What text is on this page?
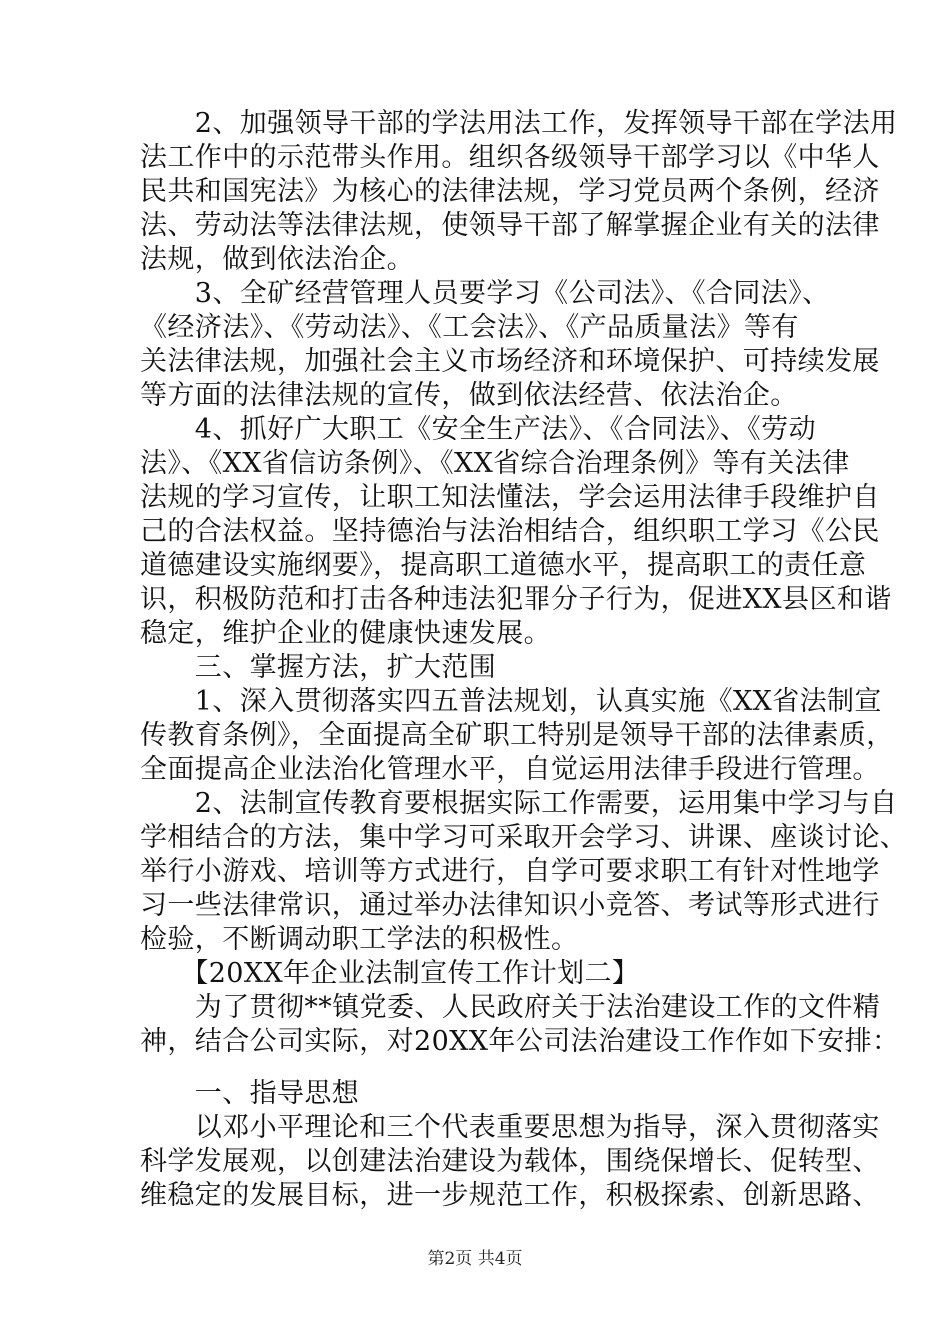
　　2、加强领导干部的学法用法工作，发挥领导干部在学法用
法工作中的示范带头作用。组织各级领导干部学习以《中华人
民共和国宪法》为核心的法律法规，学习党员两个条例，经济
法、劳动法等法律法规，使领导干部了解掌握企业有关的法律
法规，做到依法治企。
　　3、全矿经营管理人员要学习《公司法》、《合同法》、
《经济法》、《劳动法》、《工会法》、《产品质量法》等有
关法律法规，加强社会主义市场经济和环境保护、可持续发展
等方面的法律法规的宣传，做到依法经营、依法治企。
　　4、抓好广大职工《安全生产法》、《合同法》、《劳动
法》、《XX省信访条例》、《XX省综合治理条例》等有关法律
法规的学习宣传，让职工知法懂法，学会运用法律手段维护自
己的合法权益。坚持德治与法治相结合，组织职工学习《公民
道德建设实施纲要》，提高职工道德水平，提高职工的责任意
识，积极防范和打击各种违法犯罪分子行为，促进XX县区和谐
稳定，维护企业的健康快速发展。
　　三、掌握方法，扩大范围
　　1、深入贯彻落实四五普法规划，认真实施《XX省法制宣
传教育条例》，全面提高全矿职工特别是领导干部的法律素质，
全面提高企业法治化管理水平，自觉运用法律手段进行管理。
　　2、法制宣传教育要根据实际工作需要，运用集中学习与自
学相结合的方法，集中学习可采取开会学习、讲课、座谈讨论、
举行小游戏、培训等方式进行，自学可要求职工有针对性地学
习一些法律常识，通过举办法律知识小竞答、考试等形式进行
检验，不断调动职工学法的积极性。
　　【20XX年企业法制宣传工作计划二】
　　为了贯彻**镇党委、人民政府关于法治建设工作的文件精
神，结合公司实际，对20XX年公司法治建设工作作如下安排：
　　一、指导思想
　　以邓小平理论和三个代表重要思想为指导，深入贯彻落实
科学发展观，以创建法治建设为载体，围绕保增长、促转型、
维稳定的发展目标，进一步规范工作，积极探索、创新思路、
第2页 共4页
